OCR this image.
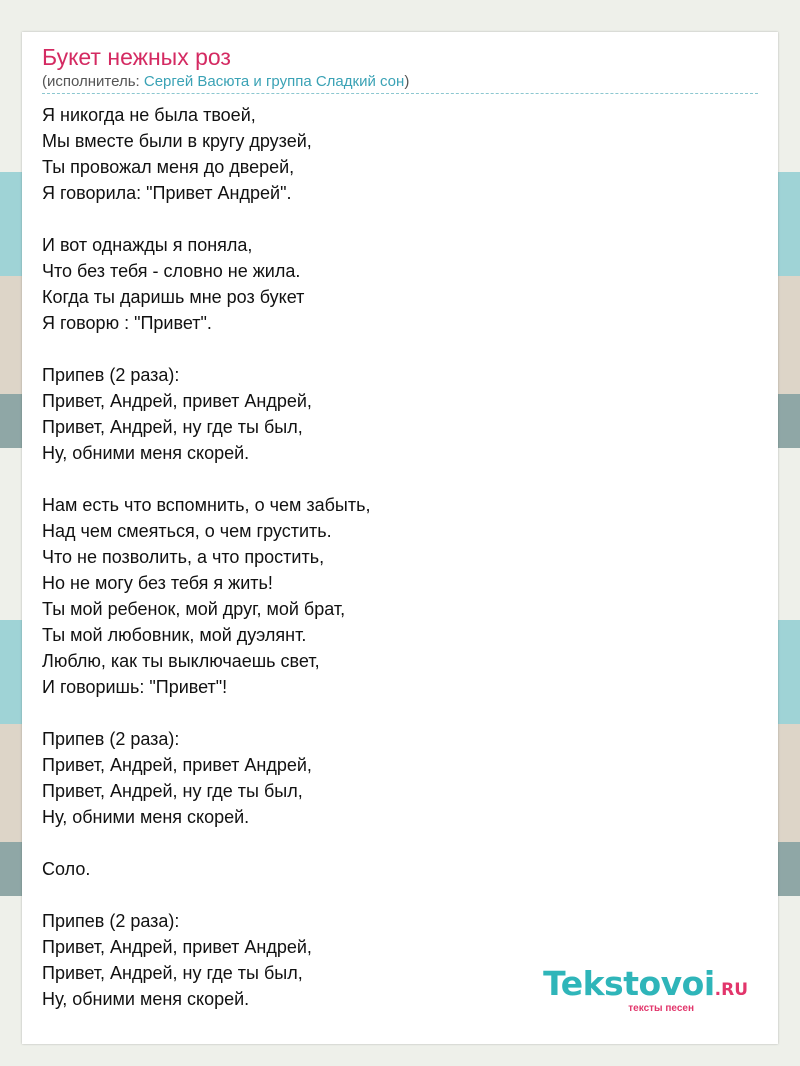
Букет нежных роз
(исполнитель: Сергей Васюта и группа Сладкий сон)
Я никогда не была твоей,
Мы вместе были в кругу друзей,
Ты провожал меня до дверей,
Я говорила: "Привет Андрей".
И вот однажды я поняла,
Что без тебя - словно не жила.
Когда ты даришь мне роз букет
Я говорю : "Привет".
Припев (2 раза):
Привет, Андрей, привет Андрей,
Привет, Андрей, ну где ты был,
Ну, обними меня скорей.
Нам есть что вспомнить, о чем забыть,
Над чем смеяться, о чем грустить.
Что не позволить, а что простить,
Но не могу без тебя я жить!
Ты мой ребенок, мой друг, мой брат,
Ты мой любовник, мой дуэлянт.
Люблю, как ты выключаешь свет,
И говоришь: "Привет"!
Припев (2 раза):
Привет, Андрей, привет Андрей,
Привет, Андрей, ну где ты был,
Ну, обними меня скорей.
Соло.
Припев (2 раза):
Привет, Андрей, привет Андрей,
Привет, Андрей, ну где ты был,
Ну, обними меня скорей.	Tekstovoi.RU
тексты песен
